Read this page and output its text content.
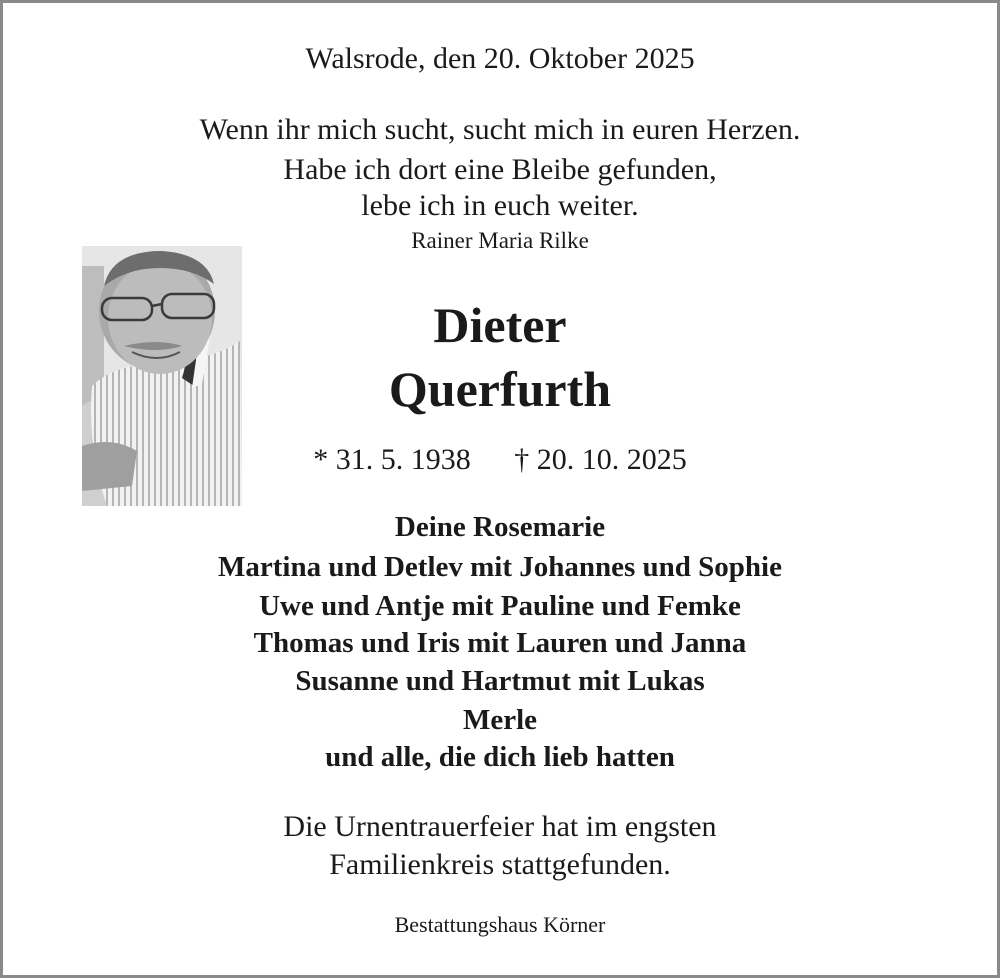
Walsrode, den 20. Oktober 2025
Wenn ihr mich sucht, sucht mich in euren Herzen.
Habe ich dort eine Bleibe gefunden,
lebe ich in euch weiter.
Rainer Maria Rilke
Dieter
Querfurth
* 31. 5. 1938 † 20. 10. 2025
Deine Rosemarie
Martina und Detlev mit Johannes und Sophie
Uwe und Antje mit Pauline und Femke
Thomas und Iris mit Lauren und Janna
Susanne und Hartmut mit Lukas
Merle
und alle, die dich lieb hatten
Die Urnentrauerfeier hat im engsten
Familienkreis stattgefunden.
Bestattungshaus Körner
